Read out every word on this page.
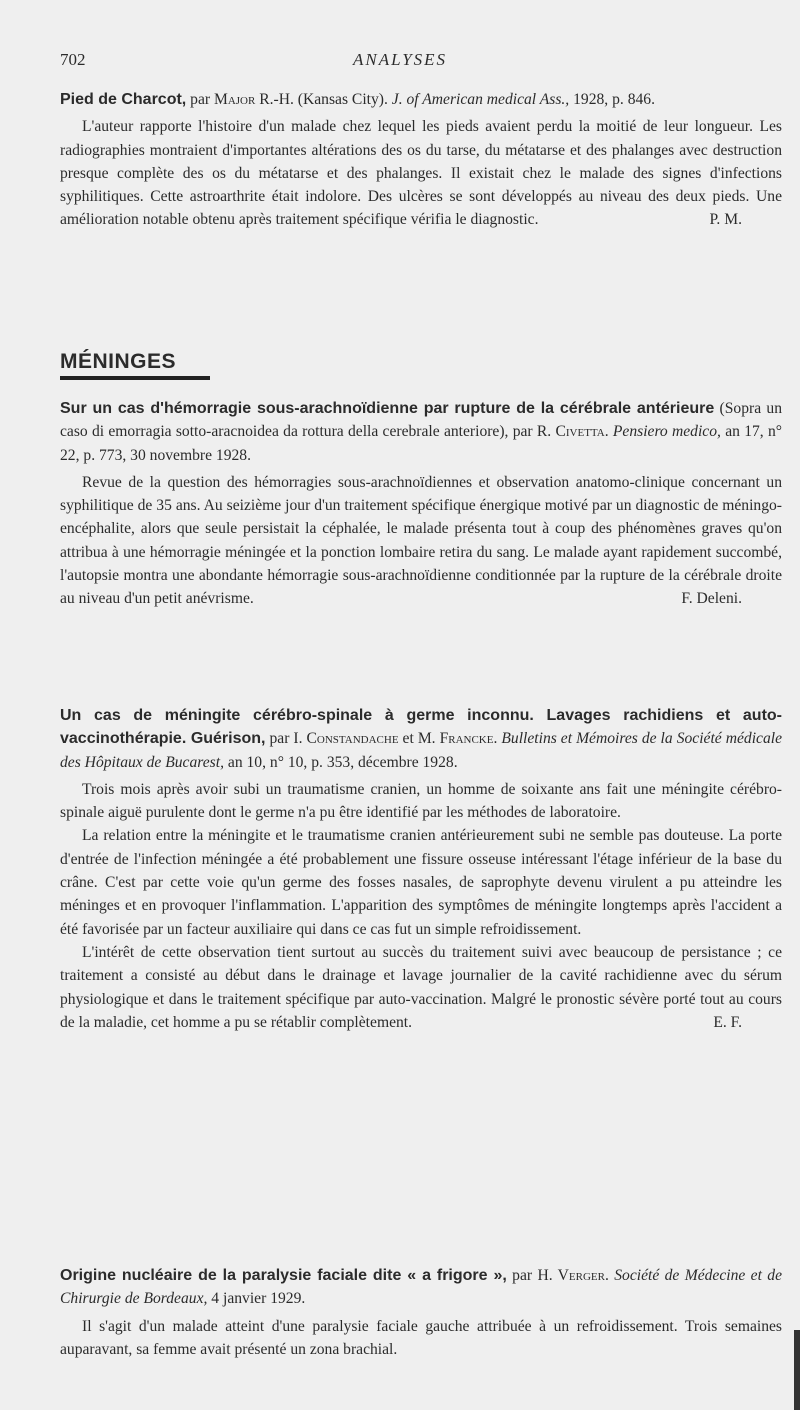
702	ANALYSES
Pied de Charcot, par Major R.-H. (Kansas City). J. of American medical Ass., 1928, p. 846.
L'auteur rapporte l'histoire d'un malade chez lequel les pieds avaient perdu la moitié de leur longueur. Les radiographies montraient d'importantes altérations des os du tarse, du métatarse et des phalanges avec destruction presque complète des os du métatarse et des phalanges. Il existait chez le malade des signes d'infections syphilitiques. Cette astroarthrite était indolore. Des ulcères se sont développés au niveau des deux pieds. Une amélioration notable obtenu après traitement spécifique vérifia le diagnostic.	P. M.
MÉNINGES
Sur un cas d'hémorragie sous-arachnoïdienne par rupture de la cérébrale antérieure (Sopra un caso di emorragia sotto-aracnoidea da rottura della cerebrale anteriore), par R. Civetta. Pensiero medico, an 17, n° 22, p. 773, 30 novembre 1928.
Revue de la question des hémorragies sous-arachnoïdiennes et observation anatomo-clinique concernant un syphilitique de 35 ans. Au seizième jour d'un traitement spécifique énergique motivé par un diagnostic de méningo-encéphalite, alors que seule persistait la céphalée, le malade présenta tout à coup des phénomènes graves qu'on attribua à une hémorragie méningée et la ponction lombaire retira du sang. Le malade ayant rapidement succombé, l'autopsie montra une abondante hémorragie sous-arachnoïdienne conditionnée par la rupture de la cérébrale droite au niveau d'un petit anévrisme.	F. Deleni.
Un cas de méningite cérébro-spinale à germe inconnu. Lavages rachidiens et auto-vaccinothérapie. Guérison, par I. Constandache et M. Francke. Bulletins et Mémoires de la Société médicale des Hôpitaux de Bucarest, an 10, n° 10, p. 353, décembre 1928.
Trois mois après avoir subi un traumatisme cranien, un homme de soixante ans fait une méningite cérébro-spinale aiguë purulente dont le germe n'a pu être identifié par les méthodes de laboratoire.
La relation entre la méningite et le traumatisme cranien antérieurement subi ne semble pas douteuse. La porte d'entrée de l'infection méningée a été probablement une fissure osseuse intéressant l'étage inférieur de la base du crâne. C'est par cette voie qu'un germe des fosses nasales, de saprophyte devenu virulent a pu atteindre les méninges et en provoquer l'inflammation. L'apparition des symptômes de méningite longtemps après l'accident a été favorisée par un facteur auxiliaire qui dans ce cas fut un simple refroidissement.
L'intérêt de cette observation tient surtout au succès du traitement suivi avec beaucoup de persistance ; ce traitement a consisté au début dans le drainage et lavage journalier de la cavité rachidienne avec du sérum physiologique et dans le traitement spécifique par auto-vaccination. Malgré le pronostic sévère porté tout au cours de la maladie, cet homme a pu se rétablir complètement.	E. F.
Origine nucléaire de la paralysie faciale dite « a frigore », par H. Verger. Société de Médecine et de Chirurgie de Bordeaux, 4 janvier 1929.
Il s'agit d'un malade atteint d'une paralysie faciale gauche attribuée à un refroidissement. Trois semaines auparavant, sa femme avait présenté un zona brachial.
